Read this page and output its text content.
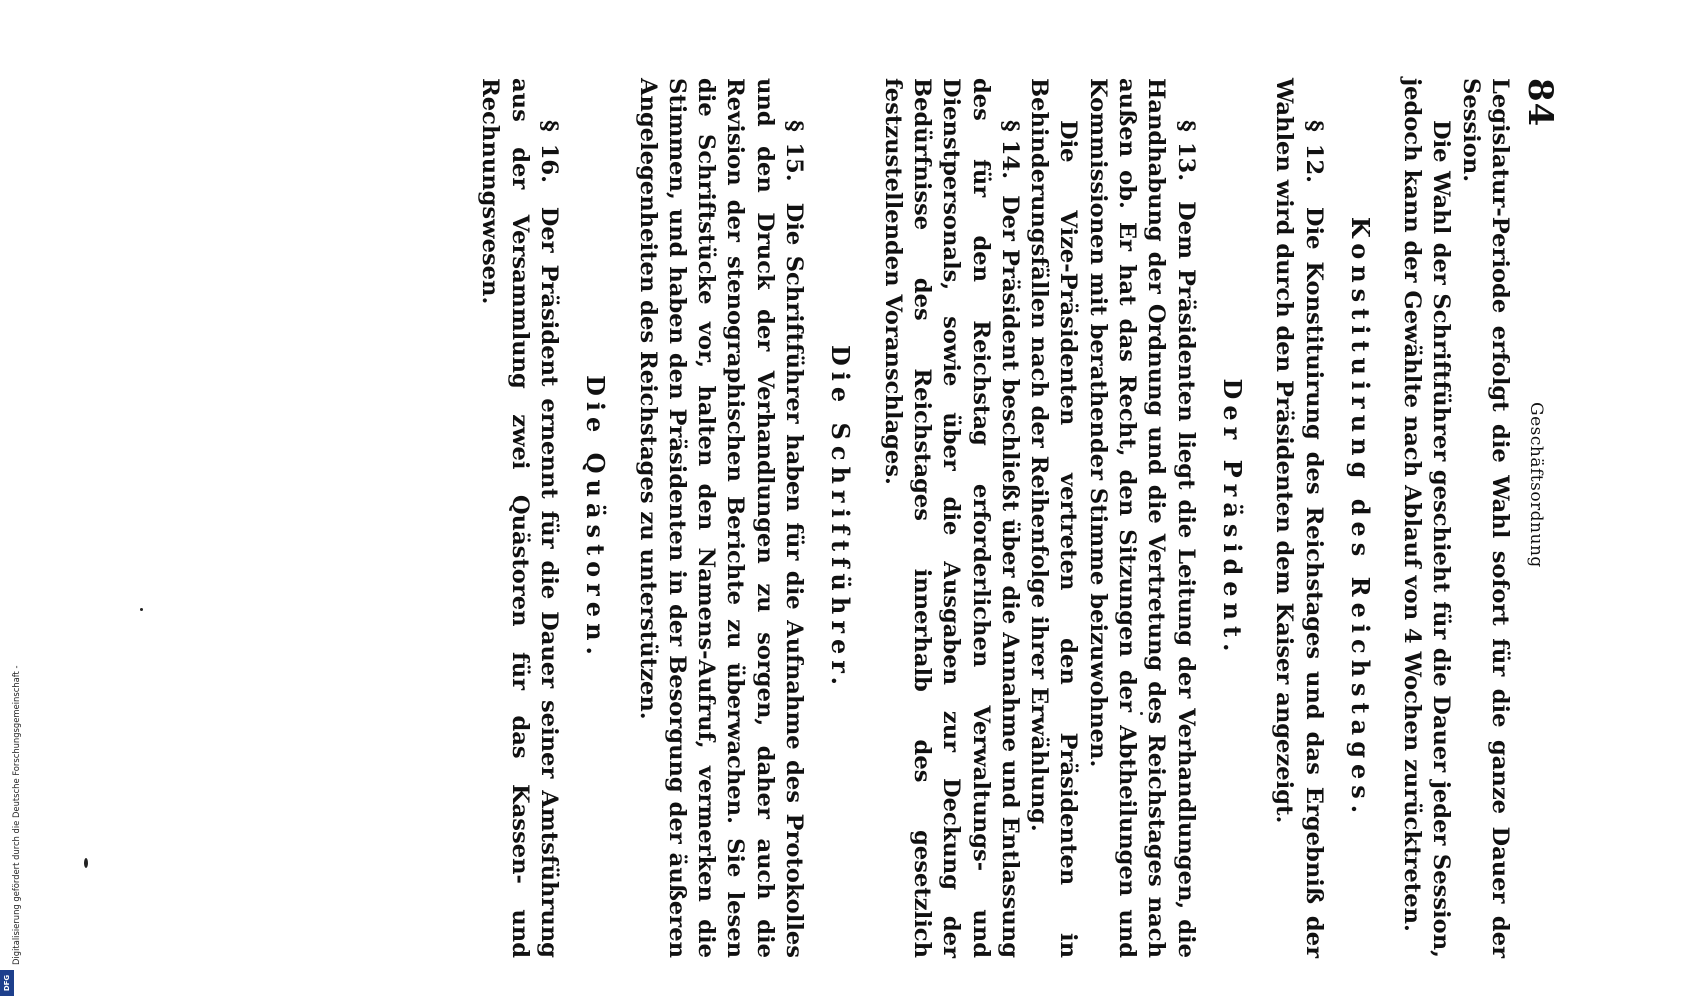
84
Geschäftsordnung

Legislatur-Periode erfolgt die Wahl sofort für die ganze Dauer der Session.

Die Wahl der Schriftführer geschieht für die Dauer jeder Session, jedoch kann der Gewählte nach Ablauf von 4 Wochen zurücktreten.

Konstituirung des Reichstages.

§ 12.  Die Konstituirung des Reichstages und das Ergebniß der Wahlen wird durch den Präsidenten dem Kaiser angezeigt.

Der Präsident.

§ 13.  Dem Präsidenten liegt die Leitung der Verhandlungen, die Handhabung der Ordnung und die Vertretung des Reichstages nach außen ob. Er hat das Recht, den Sitzungen der Abtheilungen und Kommissionen mit berathender Stimme beizuwohnen.

Die Vize-Präsidenten vertreten den Präsidenten in Behinderungsfällen nach der Reihenfolge ihrer Erwählung.

§ 14.  Der Präsident beschließt über die Annahme und Entlassung des für den Reichstag erforderlichen Verwaltungs- und Dienstpersonals, sowie über die Ausgaben zur Deckung der Bedürfnisse des Reichstages innerhalb des gesetzlich festzustellenden Voranschlages.

Die Schriftführer.

§ 15.  Die Schriftführer haben für die Aufnahme des Protokolles und den Druck der Verhandlungen zu sorgen, daher auch die Revision der stenographischen Berichte zu überwachen. Sie lesen die Schriftstücke vor, halten den Namens-Aufruf, vermerken die Stimmen, und haben den Präsidenten in der Besorgung der äußeren Angelegenheiten des Reichstages zu unterstützen.

Die Quästoren.

§ 16.  Der Präsident ernennt für die Dauer seiner Amtsführung aus der Versammlung zwei Quästoren für das Kassen- und Rechnungswesen.

Digitalisierung gefördert durch die Deutsche Forschungsgemeinschaft -
DFG
